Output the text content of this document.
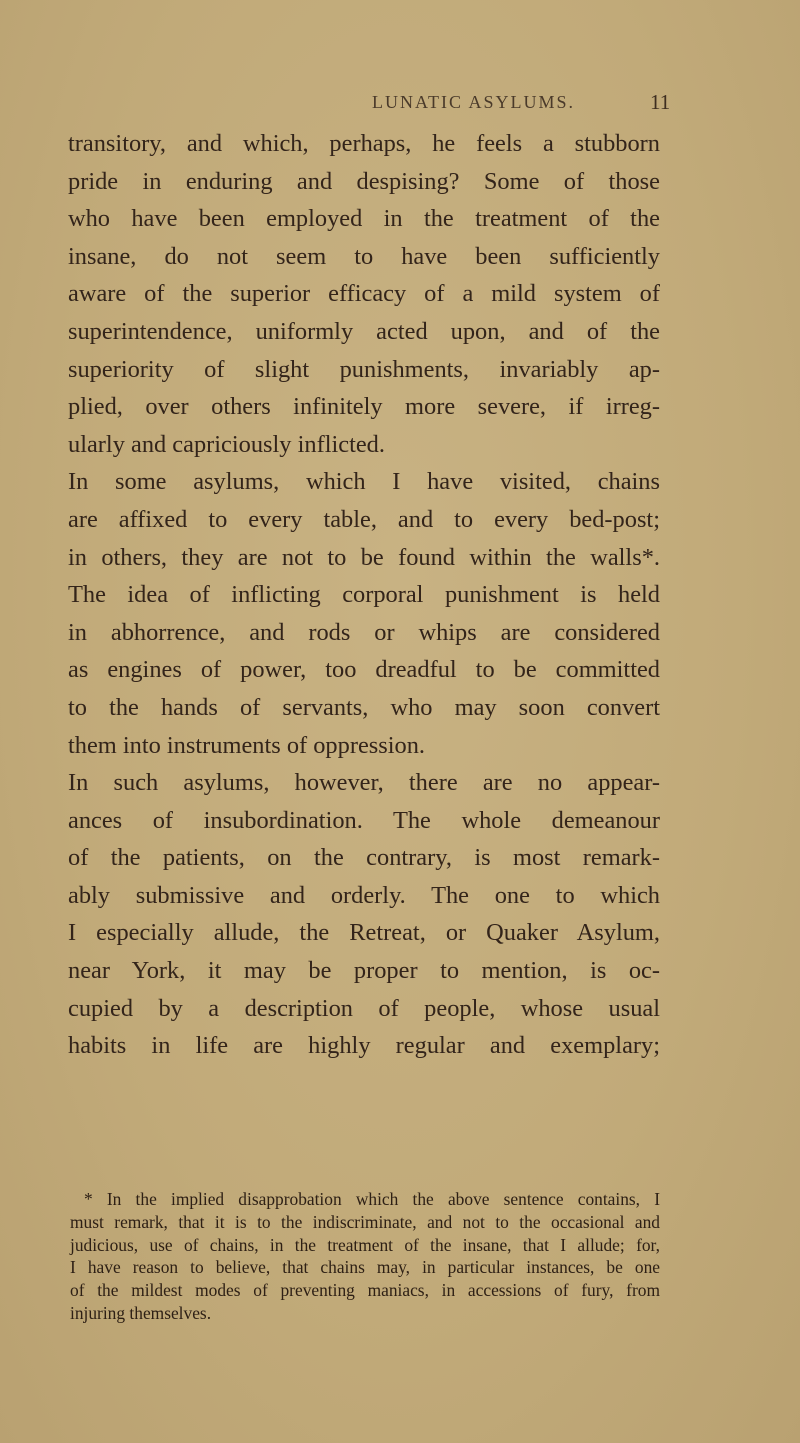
LUNATIC ASYLUMS.	11
transitory, and which, perhaps, he feels a stubborn
pride in enduring and despising? Some of those
who have been employed in the treatment of the
insane, do not seem to have been sufficiently
aware of the superior efficacy of a mild system of
superintendence, uniformly acted upon, and of the
superiority of slight punishments, invariably ap-
plied, over others infinitely more severe, if irreg-
ularly and capriciously inflicted.
In some asylums, which I have visited, chains
are affixed to every table, and to every bed-post;
in others, they are not to be found within the walls*.
The idea of inflicting corporal punishment is held
in abhorrence, and rods or whips are considered
as engines of power, too dreadful to be committed
to the hands of servants, who may soon convert
them into instruments of oppression.
In such asylums, however, there are no appear-
ances of insubordination. The whole demeanour
of the patients, on the contrary, is most remark-
ably submissive and orderly. The one to which
I especially allude, the Retreat, or Quaker Asylum,
near York, it may be proper to mention, is oc-
cupied by a description of people, whose usual
habits in life are highly regular and exemplary;
* In the implied disapprobation which the above sentence contains, I
must remark, that it is to the indiscriminate, and not to the occasional and
judicious, use of chains, in the treatment of the insane, that I allude; for,
I have reason to believe, that chains may, in particular instances, be one
of the mildest modes of preventing maniacs, in accessions of fury, from
injuring themselves.
